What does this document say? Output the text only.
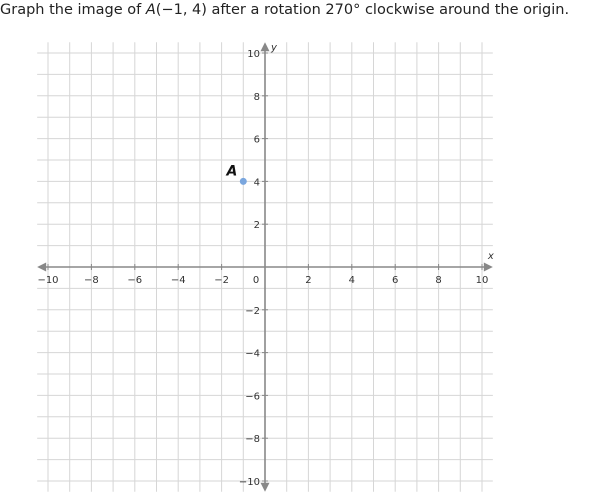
Graph the image of A(−1, 4) after a rotation 270° clockwise around the origin.
x
y
−10	−8	−6	−4	−2 0	2	4	6	8	10
10
8
6
4
2
−2
−4
−6
−8
−10
A
